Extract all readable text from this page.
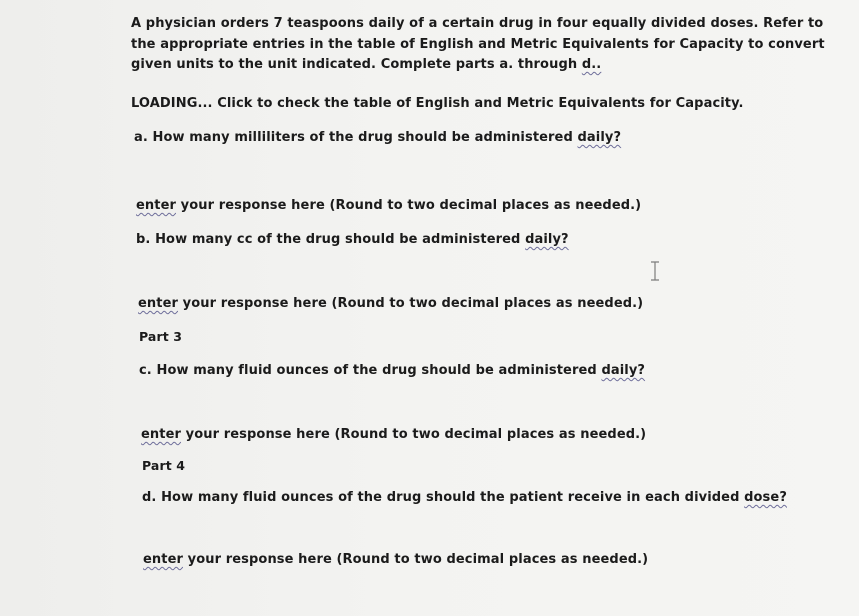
A physician orders 7 teaspoons daily of a certain drug in four equally divided doses. Refer to
the appropriate entries in the table of English and Metric Equivalents for Capacity to convert
given units to the unit indicated. Complete parts a. through d..
LOADING... Click to check the table of English and Metric Equivalents for Capacity.
a. How many milliliters of the drug should be administered daily?
enter your response here (Round to two decimal places as needed.)
b. How many cc of the drug should be administered daily?
enter your response here (Round to two decimal places as needed.)
Part 3
c. How many fluid ounces of the drug should be administered daily?
enter your response here (Round to two decimal places as needed.)
Part 4
d. How many fluid ounces of the drug should the patient receive in each divided dose?
enter your response here (Round to two decimal places as needed.)
